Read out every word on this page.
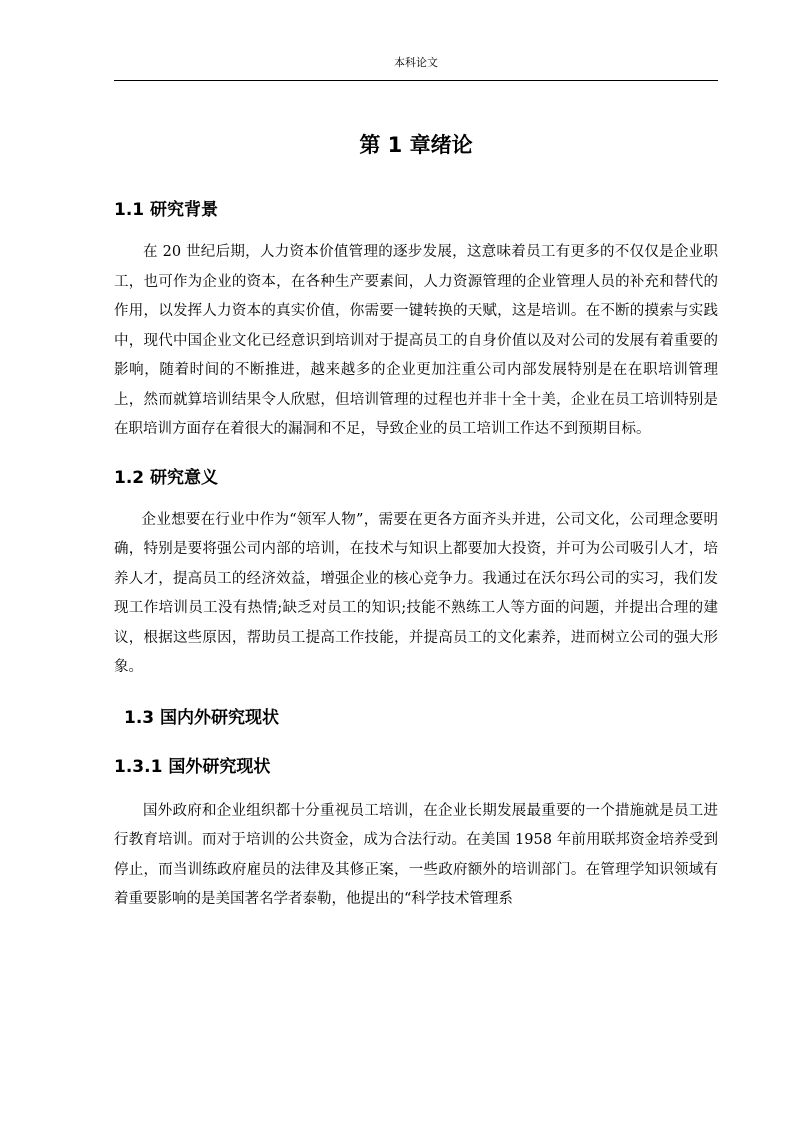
本科论文
第 1 章绪论
1.1 研究背景

在 20 世纪后期，人力资本价值管理的逐步发展，这意味着员工有更多的不仅仅是企业职工，也可作为企业的资本，在各种生产要素间，人力资源管理的企业管理人员的补充和替代的作用，以发挥人力资本的真实价值，你需要一键转换的天赋，这是培训。在不断的摸索与实践中，现代中国企业文化已经意识到培训对于提高员工的自身价值以及对公司的发展有着重要的影响，随着时间的不断推进，越来越多的企业更加注重公司内部发展特别是在在职培训管理上，然而就算培训结果令人欣慰，但培训管理的过程也并非十全十美，企业在员工培训特别是在职培训方面存在着很大的漏洞和不足，导致企业的员工培训工作达不到预期目标。

1.2 研究意义

企业想要在行业中作为“领军人物”，需要在更各方面齐头并进，公司文化，公司理念要明确，特别是要将强公司内部的培训，在技术与知识上都要加大投资，并可为公司吸引人才，培养人才，提高员工的经济效益，增强企业的核心竞争力。我通过在沃尔玛公司的实习，我们发现工作培训员工没有热情;缺乏对员工的知识;技能不熟练工人等方面的问题，并提出合理的建议，根据这些原因，帮助员工提高工作技能，并提高员工的文化素养，进而树立公司的强大形象。

1.3 国内外研究现状
1.3.1 国外研究现状

国外政府和企业组织都十分重视员工培训，在企业长期发展最重要的一个措施就是员工进行教育培训。而对于培训的公共资金，成为合法行动。在美国 1958 年前用联邦资金培养受到停止，而当训练政府雇员的法律及其修正案，一些政府额外的培训部门。在管理学知识领域有着重要影响的是美国著名学者泰勒，他提出的“科学技术管理系
